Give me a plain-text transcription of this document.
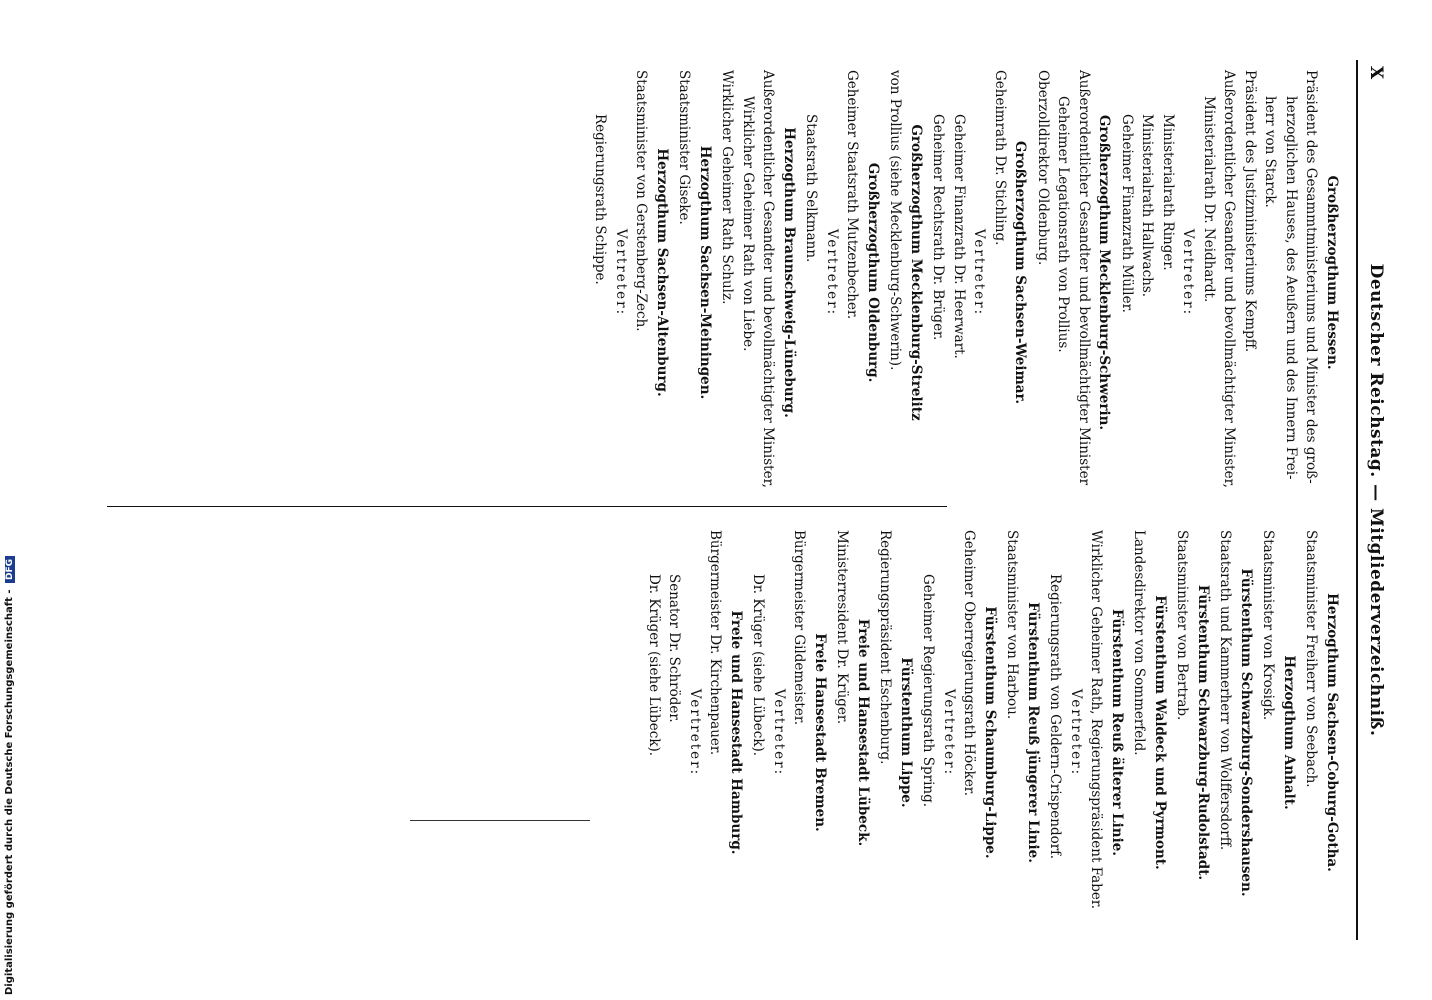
X
Deutscher Reichstag. — Mitgliederverzeichniß.
Großherzogthum Hessen.
Präsident des Gesammtministeriums und Minister des groß-
herzoglichen Hauses, des Aeußern und des Innern Frei-
herr von Starck.
Präsident des Justizministeriums Kempff.
Außerordentlicher Gesandter und bevollmächtigter Minister,
Ministerialrath Dr. Neidhardt.
Vertreter:
Ministerialrath Ringer.
Ministerialrath Hallwachs.
Geheimer Finanzrath Müller.
Großherzogthum Mecklenburg-Schwerin.
Außerordentlicher Gesandter und bevollmächtigter Minister
Geheimer Legationsrath von Prollius.
Oberzolldirektor Oldenburg.
Großherzogthum Sachsen-Weimar.
Geheimrath Dr. Stichling.
Vertreter:
Geheimer Finanzrath Dr. Heerwart.
Geheimer Rechtsrath Dr. Brüger.
Großherzogthum Mecklenburg-Strelitz
von Prollius (siehe Mecklenburg-Schwerin).
Großherzogthum Oldenburg.
Geheimer Staatsrath Mutzenbecher.
Vertreter:
Staatsrath Selkmann.
Herzogthum Braunschweig-Lüneburg.
Außerordentlicher Gesandter und bevollmächtigter Minister,
Wirklicher Geheimer Rath von Liebe.
Wirklicher Geheimer Rath Schulz.
Herzogthum Sachsen-Meiningen.
Staatsminister Giseke.
Herzogthum Sachsen-Altenburg.
Staatsminister von Gerstenberg-Zech.
Vertreter:
Regierungsrath Schippe.
Herzogthum Sachsen-Coburg-Gotha.
Staatsminister Freiherr von Seebach.
Herzogthum Anhalt.
Staatsminister von Krosigk.
Fürstenthum Schwarzburg-Sondershausen.
Staatsrath und Kammerherr von Wolffersdorff.
Fürstenthum Schwarzburg-Rudolstadt.
Staatsminister von Bertrab.
Fürstenthum Waldeck und Pyrmont.
Landesdirektor von Sommerfeld.
Fürstenthum Reuß älterer Linie.
Wirklicher Geheimer Rath, Regierungspräsident Faber.
Vertreter:
Regierungsrath von Geldern-Crispendorf.
Fürstenthum Reuß jüngerer Linie.
Staatsminister von Harbou.
Fürstenthum Schaumburg-Lippe.
Geheimer Oberregierungsrath Höcker.
Vertreter:
Geheimer Regierungsrath Spring.
Fürstenthum Lippe.
Regierungspräsident Eschenburg.
Freie und Hansestadt Lübeck.
Ministerresident Dr. Krüger.
Freie Hansestadt Bremen.
Bürgermeister Gildemeister.
Vertreter:
Dr. Krüger (siehe Lübeck).
Freie und Hansestadt Hamburg.
Bürgermeister Dr. Kirchenpauer.
Vertreter:
Senator Dr. Schröder.
Dr. Krüger (siehe Lübeck).
Digitalisierung gefördert durch die Deutsche Forschungsgemeinschaft - DFG
